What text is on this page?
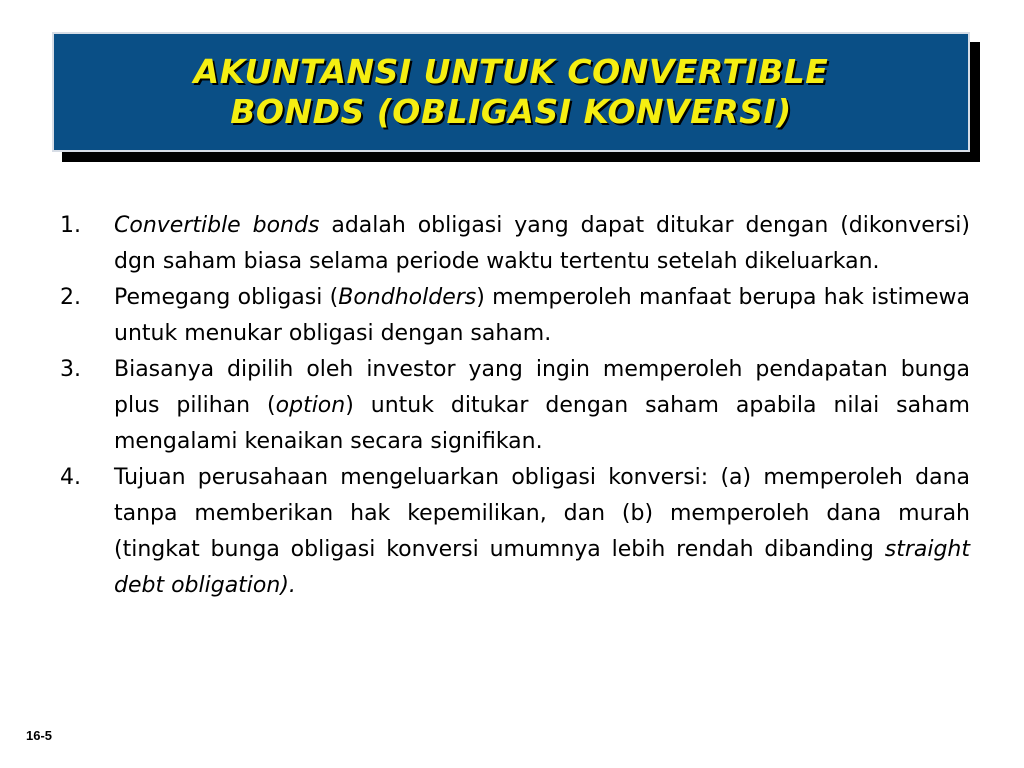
AKUNTANSI UNTUK CONVERTIBLE
BONDS (OBLIGASI KONVERSI)
1.	Convertible bonds adalah obligasi yang dapat ditukar dengan (dikonversi) dgn saham biasa selama periode waktu tertentu setelah dikeluarkan.
2.	Pemegang obligasi (Bondholders) memperoleh manfaat berupa hak istimewa untuk menukar obligasi dengan saham.
3.	Biasanya dipilih oleh investor yang ingin memperoleh pendapatan bunga plus pilihan (option) untuk ditukar dengan saham apabila nilai saham mengalami kenaikan secara signifikan.
4.	Tujuan perusahaan mengeluarkan obligasi konversi: (a) memperoleh dana tanpa memberikan hak kepemilikan, dan (b) memperoleh dana murah (tingkat bunga obligasi konversi umumnya lebih rendah dibanding straight debt obligation).
16-5
